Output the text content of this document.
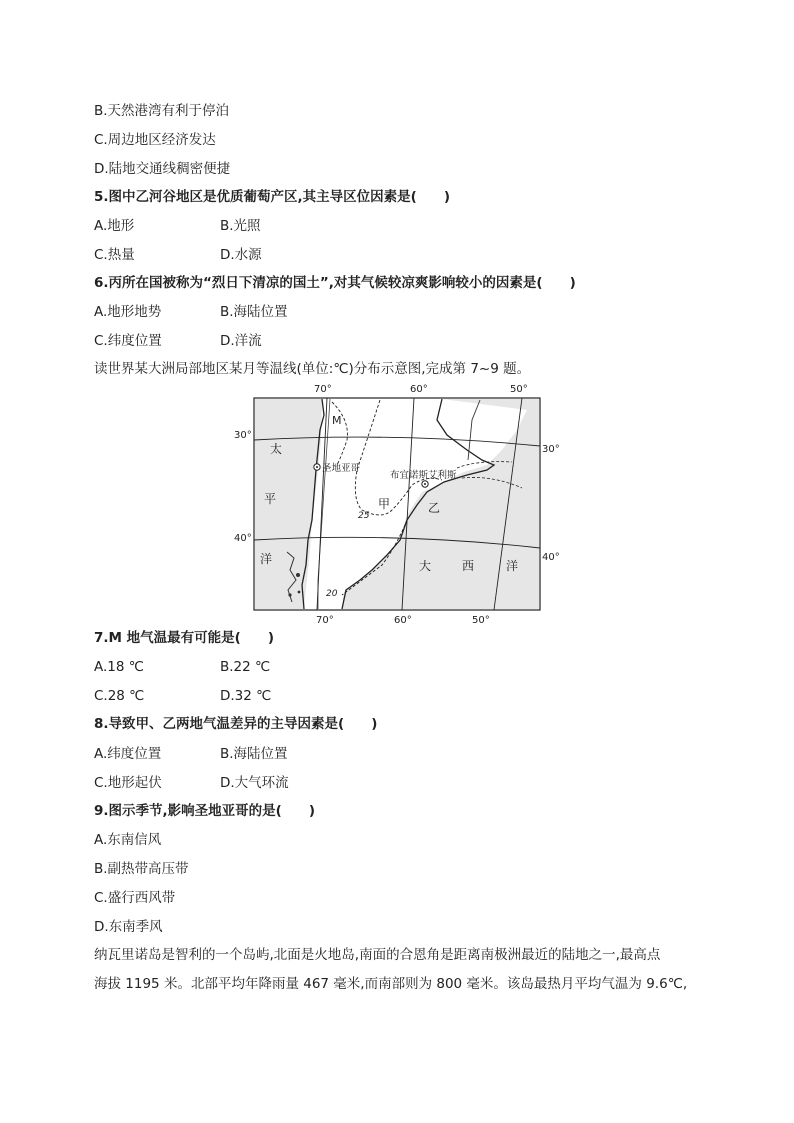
B.天然港湾有利于停泊
C.周边地区经济发达
D.陆地交通线稠密便捷
5.图中乙河谷地区是优质葡萄产区,其主导区位因素是(　　)
A.地形	B.光照
C.热量	D.水源
6.丙所在国被称为“烈日下清凉的国土”,对其气候较凉爽影响较小的因素是(　　)
A.地形地势	B.海陆位置
C.纬度位置	D.洋流
读世界某大洲局部地区某月等温线(单位:℃)分布示意图,完成第 7~9 题。
70°	60°	50°
70°	60°	50°
30°
40°
30°
40°
太
平
洋	大	西	洋
M
甲	乙
圣地亚哥
布宜诺斯艾利斯
25
20
7.M 地气温最有可能是(　　)
A.18 ℃	B.22 ℃
C.28 ℃	D.32 ℃
8.导致甲、乙两地气温差异的主导因素是(　　)
A.纬度位置	B.海陆位置
C.地形起伏	D.大气环流
9.图示季节,影响圣地亚哥的是(　　)
A.东南信风
B.副热带高压带
C.盛行西风带
D.东南季风
纳瓦里诺岛是智利的一个岛屿,北面是火地岛,南面的合恩角是距离南极洲最近的陆地之一,最高点
海拔 1195 米。北部平均年降雨量 467 毫米,而南部则为 800 毫米。该岛最热月平均气温为 9.6℃,
